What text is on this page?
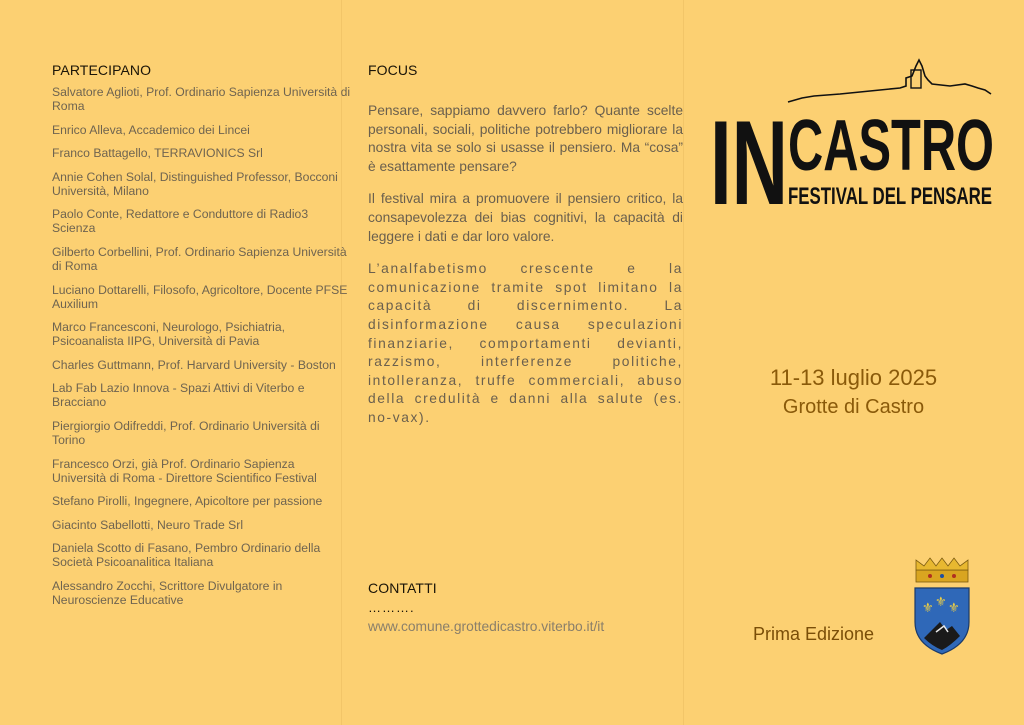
PARTECIPANO
Salvatore Aglioti, Prof. Ordinario Sapienza Università di Roma
Enrico Alleva, Accademico dei Lincei
Franco Battagello, TERRAVIONICS Srl
Annie Cohen Solal, Distinguished Professor, Bocconi Università, Milano
Paolo Conte, Redattore e Conduttore di Radio3 Scienza
Gilberto Corbellini, Prof. Ordinario Sapienza Università di Roma
Luciano Dottarelli, Filosofo, Agricoltore, Docente PFSE Auxilium
Marco Francesconi, Neurologo, Psichiatria, Psicoanalista IIPG, Università di Pavia
Charles Guttmann, Prof. Harvard University - Boston
Lab Fab Lazio Innova - Spazi Attivi di Viterbo e Bracciano
Piergiorgio Odifreddi, Prof. Ordinario Università di Torino
Francesco Orzi, già Prof. Ordinario Sapienza Università di Roma - Direttore Scientifico Festival
Stefano Pirolli, Ingegnere, Apicoltore per passione
Giacinto Sabellotti, Neuro Trade Srl
Daniela Scotto di Fasano, Pembro Ordinario della Società Psicoanalitica Italiana
Alessandro Zocchi, Scrittore Divulgatore in Neuroscienze Educative
FOCUS

Pensare, sappiamo davvero farlo? Quante scelte personali, sociali, politiche potrebbero migliorare la nostra vita se solo si usasse il pensiero. Ma “cosa” è esattamente pensare?

Il festival mira a promuovere il pensiero critico, la consapevolezza dei bias cognitivi, la capacità di leggere i dati e dar loro valore.

L’analfabetismo crescente e la comunicazione tramite spot limitano la capacità di discernimento. La disinformazione causa speculazioni finanziarie, comportamenti devianti, razzismo, interferenze politiche, intolleranza, truffe commerciali, abuso della credulità e danni alla salute (es. no-vax).

CONTATTI
……….
www.comune.grottedicastro.viterbo.it/it
IN CASTRO
FESTIVAL DEL PENSARE
11-13 luglio 2025
Grotte di Castro
Prima Edizione
⚜ ⚜ ⚜
